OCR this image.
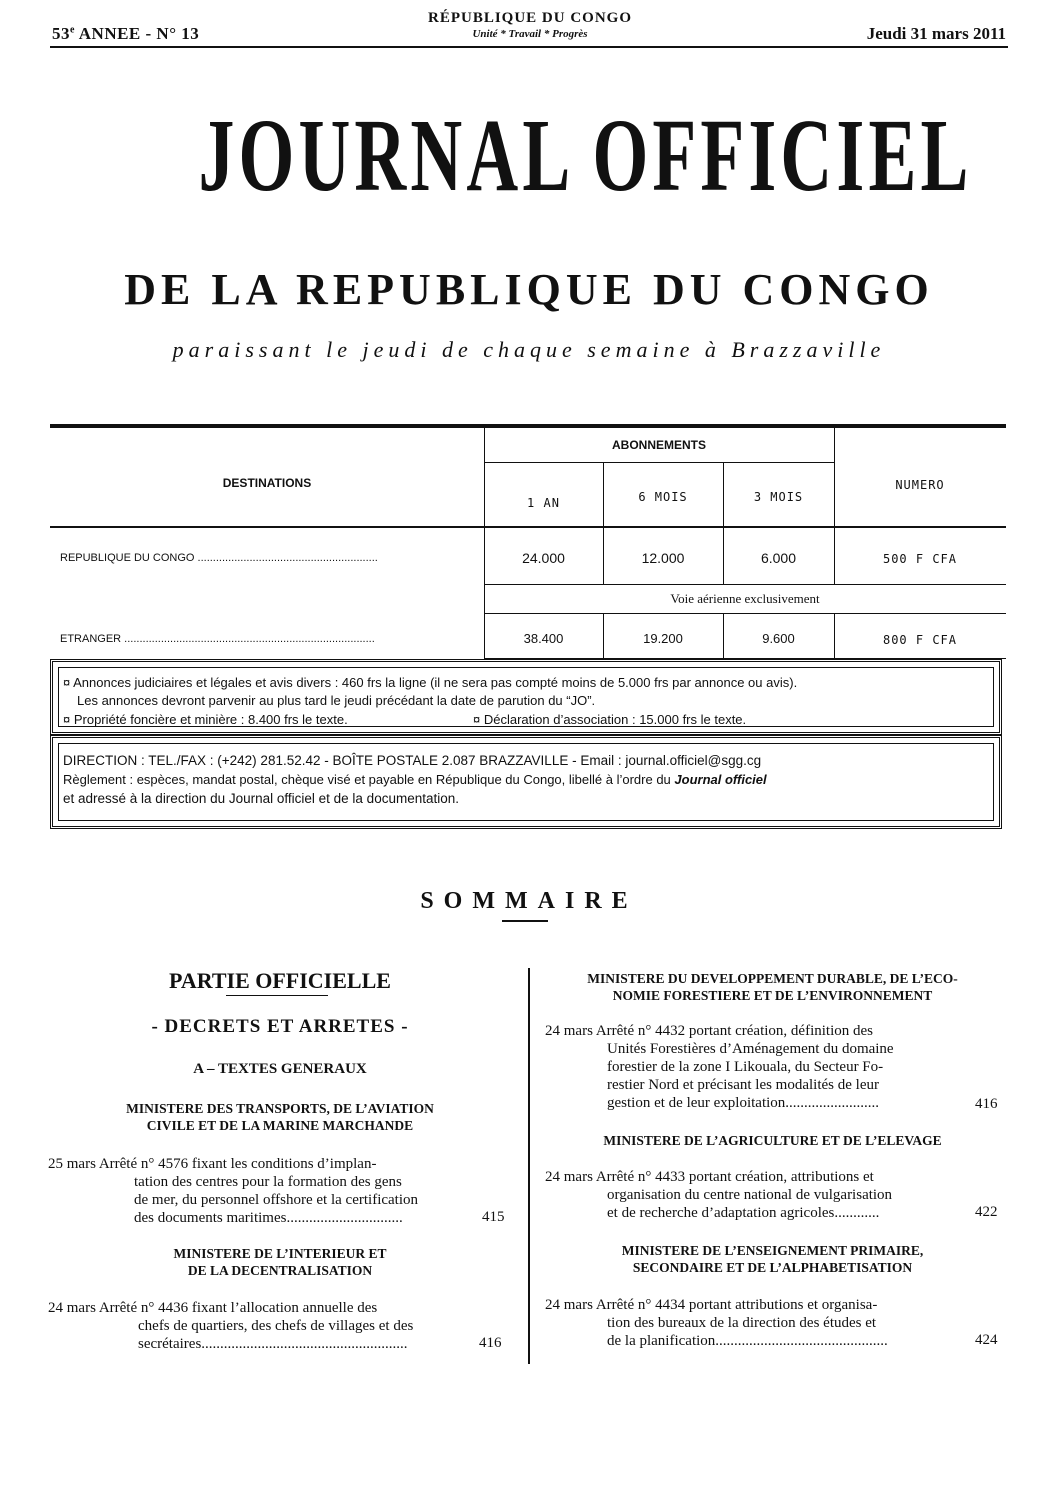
53e ANNEE - N° 13
RÉPUBLIQUE DU CONGO
Unité * Travail * Progrès	Jeudi 31 mars 2011
JOURNAL OFFICIEL
DE LA REPUBLIQUE DU CONGO
paraissant le jeudi de chaque semaine à Brazzaville
DESTINATIONS
ABONNEMENTS
1 AN	6 MOIS	3 MOIS
NUMERO
REPUBLIQUE DU CONGO ...........................................................	24.000	12.000	6.000	500 F CFA
Voie aérienne exclusivement
ETRANGER ..................................................................................	38.400	19.200	9.600	800 F CFA
¤ Annonces judiciaires et légales et avis divers : 460 frs la ligne (il ne sera pas compté moins de 5.000 frs par annonce ou avis).
Les annonces devront parvenir au plus tard le jeudi précédant la date de parution du “JO”.
¤ Propriété foncière et minière : 8.400 frs le texte.	¤ Déclaration d’association : 15.000 frs le texte.
DIRECTION : TEL./FAX : (+242) 281.52.42 - BOÎTE POSTALE 2.087 BRAZZAVILLE - Email : journal.officiel@sgg.cg
Règlement : espèces, mandat postal, chèque visé et payable en République du Congo, libellé à l’ordre du Journal officiel
et adressé à la direction du Journal officiel et de la documentation.
SOMMAIRE
PARTIE OFFICIELLE
- DECRETS ET ARRETES -
A – TEXTES GENERAUX
MINISTERE DES TRANSPORTS, DE L’AVIATION
CIVILE ET DE LA MARINE MARCHANDE
25 mars Arrêté n° 4576 fixant les conditions d’implan-
tation des centres pour la formation des gens
de mer, du personnel offshore et la certification
des documents maritimes...............................	415
MINISTERE DE L’INTERIEUR ET
DE LA DECENTRALISATION
24 mars Arrêté n° 4436 fixant l’allocation annuelle des
chefs de quartiers, des chefs de villages et des
secrétaires.......................................................	416
MINISTERE DU DEVELOPPEMENT DURABLE, DE L’ECO-
NOMIE FORESTIERE ET DE L’ENVIRONNEMENT
24 mars Arrêté n° 4432 portant création, définition des
Unités Forestières d’Aménagement du domaine
forestier de la zone I Likouala, du Secteur Fo-
restier Nord et précisant les modalités de leur
gestion et de leur exploitation.........................	416
MINISTERE DE L’AGRICULTURE ET DE L’ELEVAGE
24 mars Arrêté n° 4433 portant création, attributions et
organisation du centre national de vulgarisation
et de recherche d’adaptation agricoles............	422
MINISTERE DE L’ENSEIGNEMENT PRIMAIRE,
SECONDAIRE ET DE L’ALPHABETISATION
24 mars Arrêté n° 4434 portant attributions et organisa-
tion des bureaux de la direction des études et
de la planification..............................................	424
